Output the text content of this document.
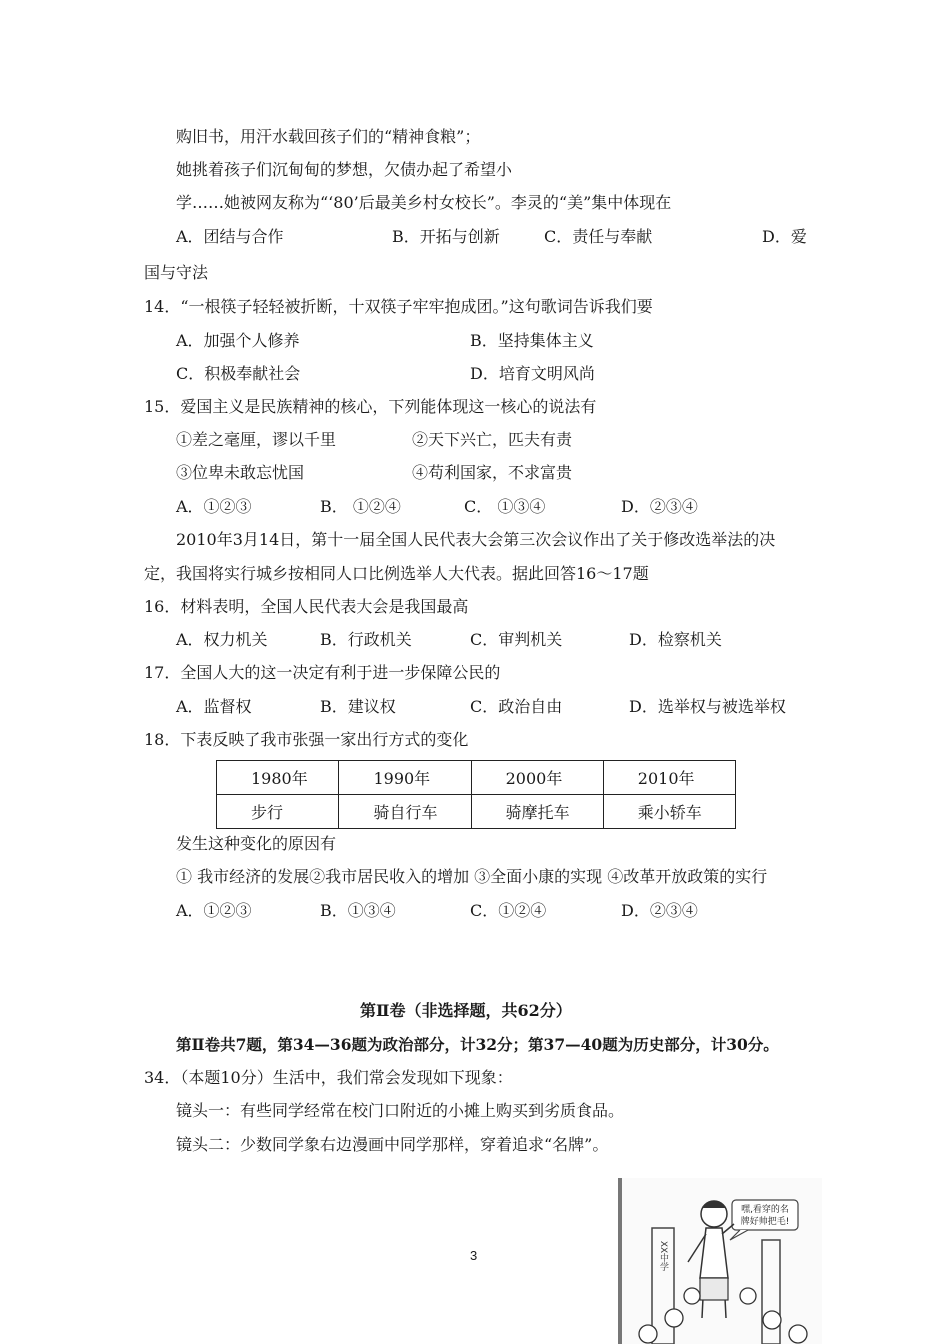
购旧书，用汗水载回孩子们的“精神食粮”；
她挑着孩子们沉甸甸的梦想，欠债办起了希望小
学……她被网友称为“‘80’后最美乡村女校长”。李灵的“美”集中体现在
A．团结与合作	B．开拓与创新	C．责任与奉献	D．爱
国与守法
14．“一根筷子轻轻被折断，十双筷子牢牢抱成团。”这句歌词告诉我们要
A．加强个人修养	B．坚持集体主义
C．积极奉献社会	D．培育文明风尚
15．爱国主义是民族精神的核心，下列能体现这一核心的说法有
①差之毫厘，谬以千里	②天下兴亡，匹夫有责
③位卑未敢忘忧国	④苟利国家，不求富贵
A．①②③	B． ①②④	C． ①③④	D．②③④
2010年3月14日，第十一届全国人民代表大会第三次会议作出了关于修改选举法的决
定，我国将实行城乡按相同人口比例选举人大代表。据此回答16～17题
16．材料表明，全国人民代表大会是我国最高
A．权力机关	B．行政机关	C．审判机关	D．检察机关
17．全国人大的这一决定有利于进一步保障公民的
A．监督权	B．建议权	C．政治自由	D．选举权与被选举权
18．下表反映了我市张强一家出行方式的变化
1980年	1990年	2000年	2010年
步行	骑自行车	骑摩托车	乘小轿车
发生这种变化的原因有
① 我市经济的发展②我市居民收入的增加 ③全面小康的实现 ④改革开放政策的实行
A．①②③	B．①③④	C．①②④	D．②③④
第Ⅱ卷（非选择题，共62分）
第Ⅱ卷共7题，第34—36题为政治部分，计32分；第37—40题为历史部分，计30分。
34．（本题10分）生活中，我们常会发现如下现象：
镜头一：有些同学经常在校门口附近的小摊上购买到劣质食品。
镜头二：少数同学象右边漫画中同学那样，穿着追求“名牌”。
XX中学
嘿,看穿的名
牌好帅把毛!
3
